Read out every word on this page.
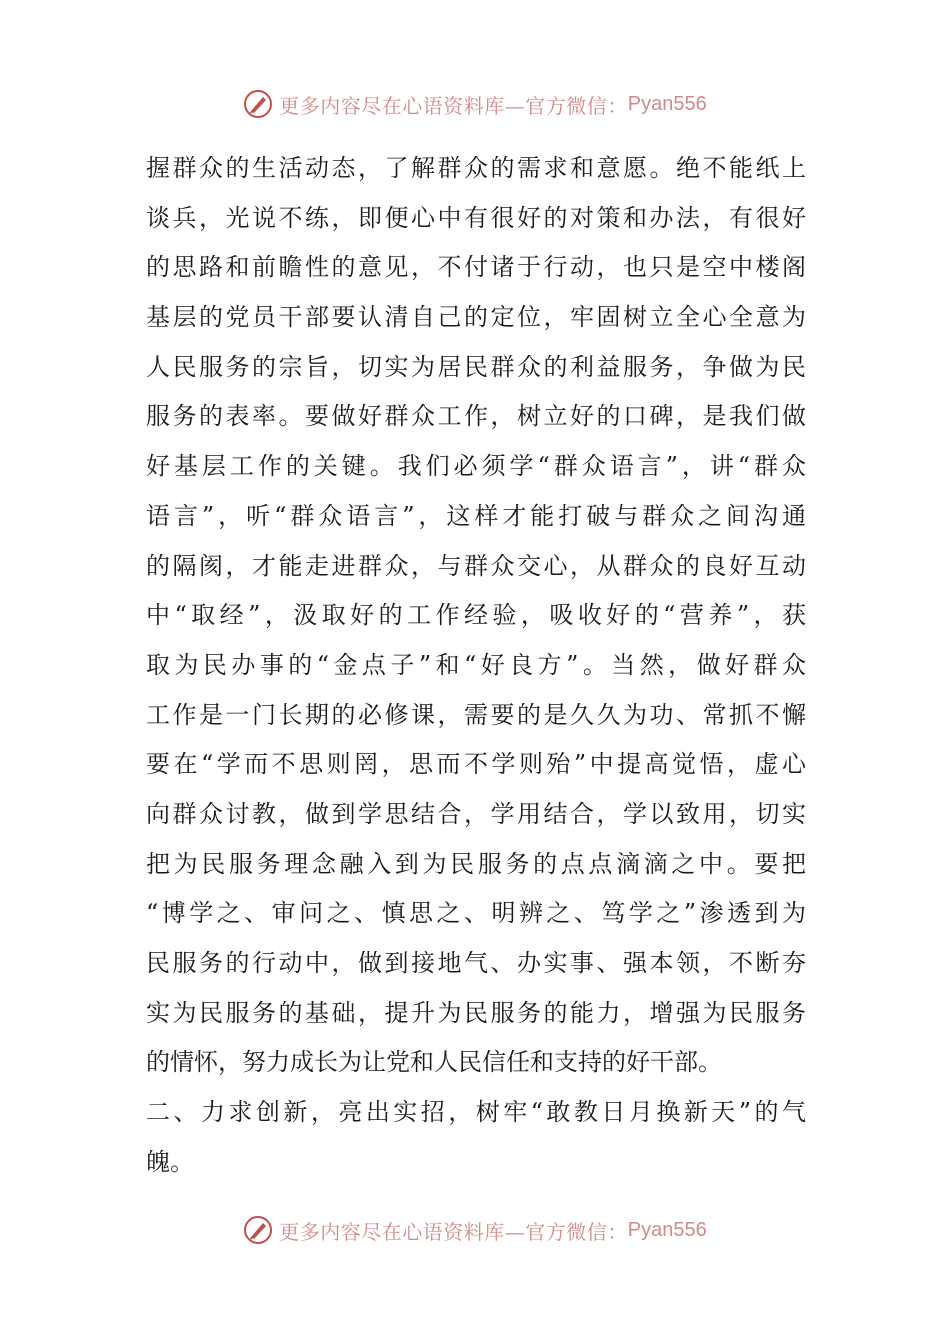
更多内容尽在心语资料库—官方微信： Pyan556
握群众的生活动态，了解群众的需求和意愿。绝不能纸上
谈兵，光说不练，即便心中有很好的对策和办法，有很好
的思路和前瞻性的意见，不付诸于行动，也只是空中楼阁
基层的党员干部要认清自己的定位，牢固树立全心全意为
人民服务的宗旨，切实为居民群众的利益服务，争做为民
服务的表率。要做好群众工作，树立好的口碑，是我们做
好基层工作的关键。我们必须学“群众语言”，讲“群众
语言”，听“群众语言”，这样才能打破与群众之间沟通
的隔阂，才能走进群众，与群众交心，从群众的良好互动
中“取经”，汲取好的工作经验，吸收好的“营养”，获
取为民办事的“金点子”和“好良方”。当然，做好群众
工作是一门长期的必修课，需要的是久久为功、常抓不懈
要在“学而不思则罔，思而不学则殆”中提高觉悟，虚心
向群众讨教，做到学思结合，学用结合，学以致用，切实
把为民服务理念融入到为民服务的点点滴滴之中。要把
“博学之、审问之、慎思之、明辨之、笃学之”渗透到为
民服务的行动中，做到接地气、办实事、强本领，不断夯
实为民服务的基础，提升为民服务的能力，增强为民服务
的情怀，努力成长为让党和人民信任和支持的好干部。
二、力求创新，亮出实招，树牢“敢教日月换新天”的气
魄。
更多内容尽在心语资料库—官方微信： Pyan556
